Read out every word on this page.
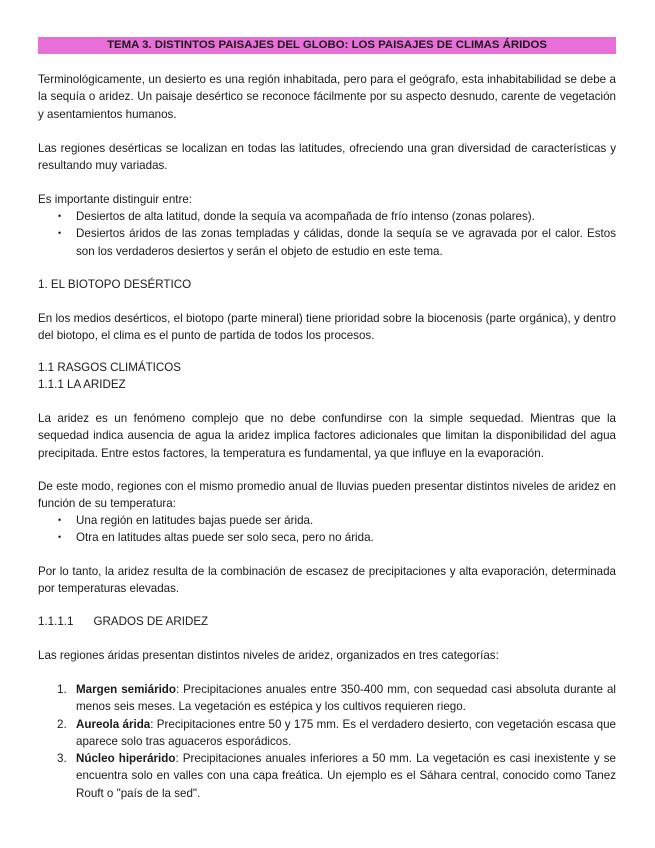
TEMA 3. DISTINTOS PAISAJES DEL GLOBO: LOS PAISAJES DE CLIMAS ÁRIDOS

Terminológicamente, un desierto es una región inhabitada, pero para el geógrafo, esta inhabitabilidad se debe a la sequía o aridez. Un paisaje desértico se reconoce fácilmente por su aspecto desnudo, carente de vegetación y asentamientos humanos.

Las regiones desérticas se localizan en todas las latitudes, ofreciendo una gran diversidad de características y resultando muy variadas.

Es importante distinguir entre:

• Desiertos de alta latitud, donde la sequía va acompañada de frío intenso (zonas polares).
• Desiertos áridos de las zonas templadas y cálidas, donde la sequía se ve agravada por el calor. Estos son los verdaderos desiertos y serán el objeto de estudio en este tema.
1. EL BIOTOPO DESÉRTICO

En los medios desérticos, el biotopo (parte mineral) tiene prioridad sobre la biocenosis (parte orgánica), y dentro del biotopo, el clima es el punto de partida de todos los procesos.

1.1 RASGOS CLIMÁTICOS
1.1.1 LA ARIDEZ

La aridez es un fenómeno complejo que no debe confundirse con la simple sequedad. Mientras que la sequedad indica ausencia de agua la aridez implica factores adicionales que limitan la disponibilidad del agua precipitada. Entre estos factores, la temperatura es fundamental, ya que influye en la evaporación.

De este modo, regiones con el mismo promedio anual de lluvias pueden presentar distintos niveles de aridez en función de su temperatura:

• Una región en latitudes bajas puede ser árida.
• Otra en latitudes altas puede ser solo seca, pero no árida.

Por lo tanto, la aridez resulta de la combinación de escasez de precipitaciones y alta evaporación, determinada por temperaturas elevadas.

1.1.1.1 GRADOS DE ARIDEZ

Las regiones áridas presentan distintos niveles de aridez, organizados en tres categorías:

1. Margen semiárido: Precipitaciones anuales entre 350-400 mm, con sequedad casi absoluta durante al menos seis meses. La vegetación es estépica y los cultivos requieren riego.
2. Aureola árida: Precipitaciones entre 50 y 175 mm. Es el verdadero desierto, con vegetación escasa que aparece solo tras aguaceros esporádicos.
3. Núcleo hiperárido: Precipitaciones anuales inferiores a 50 mm. La vegetación es casi inexistente y se encuentra solo en valles con una capa freática. Un ejemplo es el Sáhara central, conocido como Tanez Rouft o "país de la sed".
